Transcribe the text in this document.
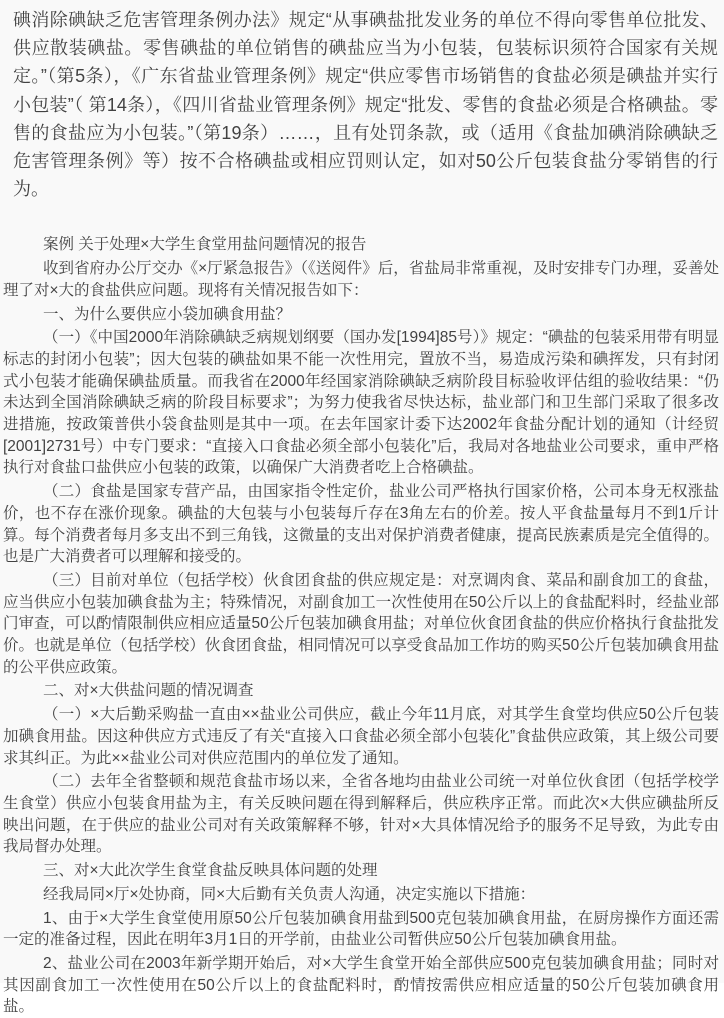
碘消除碘缺乏危害管理条例办法》规定“从事碘盐批发业务的单位不得向零售单位批发、供应散装碘盐。零售碘盐的单位销售的碘盐应当为小包装，包装标识须符合国家有关规定。”（第5条），《广东省盐业管理条例》规定“供应零售市场销售的食盐必须是碘盐并实行小包装”（ 第14条），《四川省盐业管理条例》规定“批发、零售的食盐必须是合格碘盐。零售的食盐应为小包装。”（第19条）……，且有处罚条款，或（适用《食盐加碘消除碘缺乏危害管理条例》等）按不合格碘盐或相应罚则认定，如对50公斤包装食盐分零销售的行为。

案例 关于处理×大学生食堂用盐问题情况的报告

收到省府办公厅交办《×厅紧急报告》（《送阅件》后，省盐局非常重视，及时安排专门办理，妥善处理了对×大的食盐供应问题。现将有关情况报告如下：

一、为什么要供应小袋加碘食用盐？

（一）《中国2000年消除碘缺乏病规划纲要（国办发[1994]85号）》规定：“碘盐的包装采用带有明显标志的封闭小包装”；因大包装的碘盐如果不能一次性用完，置放不当，易造成污染和碘挥发，只有封闭式小包装才能确保碘盐质量。而我省在2000年经国家消除碘缺乏病阶段目标验收评估组的验收结果：“仍未达到全国消除碘缺乏病的阶段目标要求”；为努力使我省尽快达标，盐业部门和卫生部门采取了很多改进措施，按政策普供小袋食盐则是其中一项。在去年国家计委下达2002年食盐分配计划的通知（计经贸[2001]2731号）中专门要求：“直接入口食盐必须全部小包装化”后，我局对各地盐业公司要求，重申严格执行对食盐口盐供应小包装的政策，以确保广大消费者吃上合格碘盐。

（二）食盐是国家专营产品，由国家指令性定价，盐业公司严格执行国家价格，公司本身无权涨盐价，也不存在涨价现象。碘盐的大包装与小包装每斤存在3角左右的价差。按人平食盐量每月不到1斤计算。每个消费者每月多支出不到三角钱，这微量的支出对保护消费者健康，提高民族素质是完全值得的。也是广大消费者可以理解和接受的。

（三）目前对单位（包括学校）伙食团食盐的供应规定是：对烹调肉食、菜品和副食加工的食盐，应当供应小包装加碘食盐为主；特殊情况，对副食加工一次性使用在50公斤以上的食盐配料时，经盐业部门审查，可以酌情限制供应相应适量50公斤包装加碘食用盐；对单位伙食团食盐的供应价格执行食盐批发价。也就是单位（包括学校）伙食团食盐，相同情况可以享受食品加工作坊的购买50公斤包装加碘食用盐的公平供应政策。

二、对×大供盐问题的情况调查

（一）×大后勤采购盐一直由××盐业公司供应，截止今年11月底，对其学生食堂均供应50公斤包装加碘食用盐。因这种供应方式违反了有关“直接入口食盐必须全部小包装化”食盐供应政策，其上级公司要求其纠正。为此××盐业公司对供应范围内的单位发了通知。

（二）去年全省整顿和规范食盐市场以来，全省各地均由盐业公司统一对单位伙食团（包括学校学生食堂）供应小包装食用盐为主，有关反映问题在得到解释后，供应秩序正常。而此次×大供应碘盐所反映出问题，在于供应的盐业公司对有关政策解释不够，针对×大具体情况给予的服务不足导致，为此专由我局督办处理。

三、对×大此次学生食堂食盐反映具体问题的处理

经我局同×厅×处协商，同×大后勤有关负责人沟通，决定实施以下措施：

1、由于×大学生食堂使用原50公斤包装加碘食用盐到500克包装加碘食用盐，在厨房操作方面还需一定的准备过程，因此在明年3月1日的开学前，由盐业公司暂供应50公斤包装加碘食用盐。

2、盐业公司在2003年新学期开始后，对×大学生食堂开始全部供应500克包装加碘食用盐；同时对其因副食加工一次性使用在50公斤以上的食盐配料时，酌情按需供应相应适量的50公斤包装加碘食用盐。
